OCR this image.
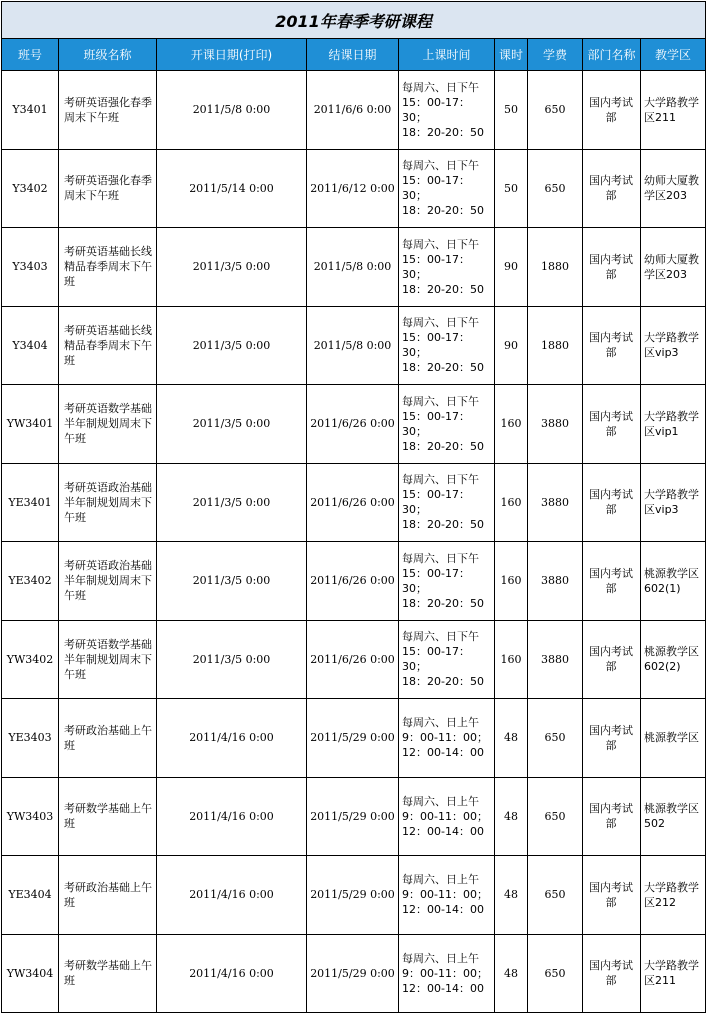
2011年春季考研课程								
班号	班级名称	开课日期(打印)	结课日期	上课时间	课时	学费	部门名称	教学区
Y3401	考研英语强化春季周末下午班	2011/5/8 0:00	2011/6/6 0:00	每周六、日下午
15：00-17：30；
18：20-20：50	50	650	国内考试部	大学路教学区211
Y3402	考研英语强化春季周末下午班	2011/5/14 0:00	2011/6/12 0:00	每周六、日下午
15：00-17：30；
18：20-20：50	50	650	国内考试部	幼师大厦教学区203
Y3403	考研英语基础长线精品春季周末下午班	2011/3/5 0:00	2011/5/8 0:00	每周六、日下午
15：00-17：30；
18：20-20：50	90	1880	国内考试部	幼师大厦教学区203
Y3404	考研英语基础长线精品春季周末下午班	2011/3/5 0:00	2011/5/8 0:00	每周六、日下午
15：00-17：30；
18：20-20：50	90	1880	国内考试部	大学路教学区vip3
YW3401	考研英语数学基础半年制规划周末下午班	2011/3/5 0:00	2011/6/26 0:00	每周六、日下午
15：00-17：30；
18：20-20：50	160	3880	国内考试部	大学路教学区vip1
YE3401	考研英语政治基础半年制规划周末下午班	2011/3/5 0:00	2011/6/26 0:00	每周六、日下午
15：00-17：30；
18：20-20：50	160	3880	国内考试部	大学路教学区vip3
YE3402	考研英语政治基础半年制规划周末下午班	2011/3/5 0:00	2011/6/26 0:00	每周六、日下午
15：00-17：30；
18：20-20：50	160	3880	国内考试部	桃源教学区602(1)
YW3402	考研英语数学基础半年制规划周末下午班	2011/3/5 0:00	2011/6/26 0:00	每周六、日下午
15：00-17：30；
18：20-20：50	160	3880	国内考试部	桃源教学区602(2)
YE3403	考研政治基础上午班	2011/4/16 0:00	2011/5/29 0:00	每周六、日上午
9：00-11：00；
12：00-14：00	48	650	国内考试部	桃源教学区
YW3403	考研数学基础上午班	2011/4/16 0:00	2011/5/29 0:00	每周六、日上午
9：00-11：00；
12：00-14：00	48	650	国内考试部	桃源教学区502
YE3404	考研政治基础上午班	2011/4/16 0:00	2011/5/29 0:00	每周六、日上午
9：00-11：00；
12：00-14：00	48	650	国内考试部	大学路教学区212
YW3404	考研数学基础上午班	2011/4/16 0:00	2011/5/29 0:00	每周六、日上午
9：00-11：00；
12：00-14：00	48	650	国内考试部	大学路教学区211
